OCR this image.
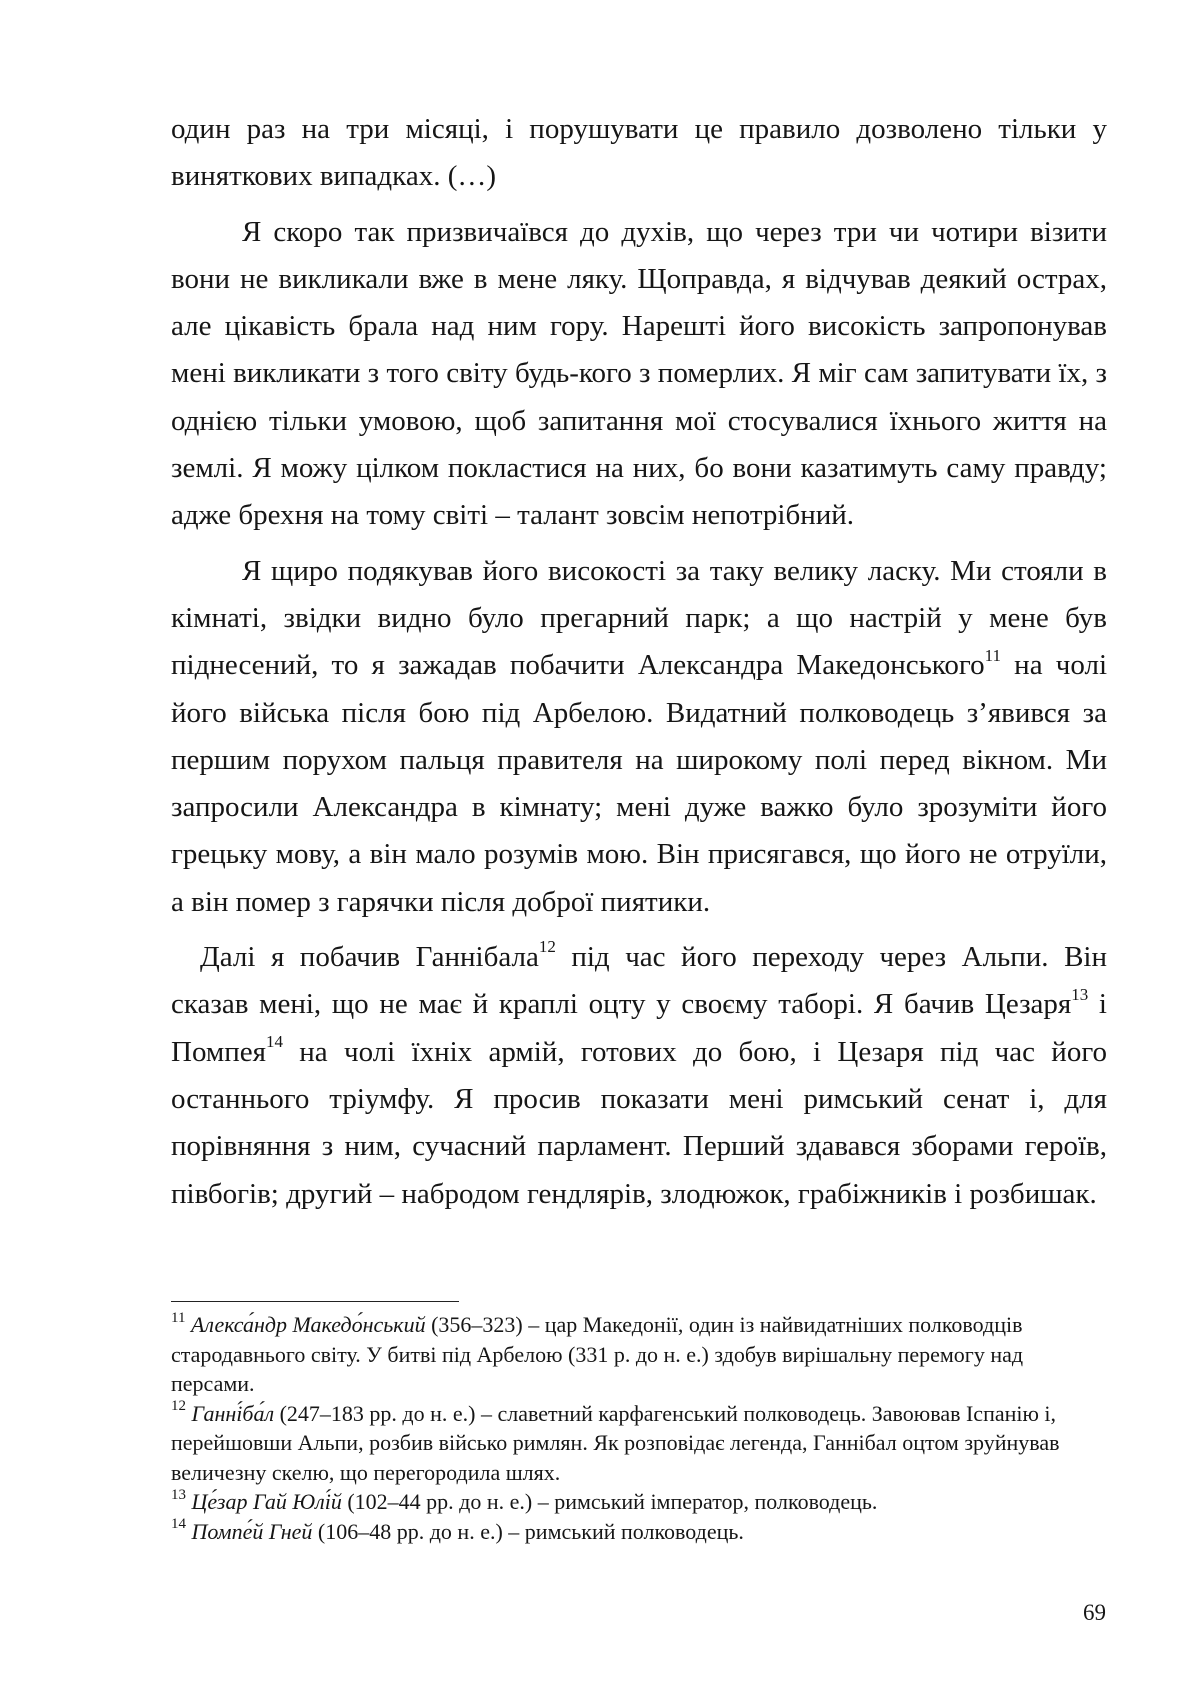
один раз на три місяці, і порушувати це правило дозволено тільки у виняткових випадках. (…)

Я скоро так призвичаївся до духів, що через три чи чотири візити вони не викликали вже в мене ляку. Щоправда, я відчував деякий острах, але цікавість брала над ним гору. Нарешті його високість запропонував мені викликати з того світу будь-кого з померлих. Я міг сам запитувати їх, з однією тільки умовою, щоб запитання мої стосувалися їхнього життя на землі. Я можу цілком покластися на них, бо вони казатимуть саму правду; адже брехня на тому світі – талант зовсім непотрібний.

Я щиро подякував його високості за таку велику ласку. Ми стояли в кімнаті, звідки видно було прегарний парк; а що настрій у мене був піднесений, то я зажадав побачити Александра Македонського$^{11}$ на чолі його війська після бою під Арбелою. Видатний полководець з’явився за першим порухом пальця правителя на широкому полі перед вікном. Ми запросили Александра в кімнату; мені дуже важко було зрозуміти його грецьку мову, а він мало розумів мою. Він присягався, що його не отруїли, а він помер з гарячки після доброї пиятики.

Далі я побачив Ганнібала$^{12}$ під час його переходу через Альпи. Він сказав мені, що не має й краплі оцту у своєму таборі. Я бачив Цезаря$^{13}$ і Помпея$^{14}$ на чолі їхніх армій, готових до бою, і Цезаря під час його останнього тріумфу. Я просив показати мені римський сенат і, для порівняння з ним, сучасний парламент. Перший здавався зборами героїв, півбогів; другий – набродом гендлярів, злодюжок, грабіжників і розбишак.

$^{11}$ Алекса́ндр Македо́нський (356–323) – цар Македонії, один із найвидатніших полководців стародавнього світу. У битві під Арбелою (331 р. до н. е.) здобув вирішальну перемогу над персами.

$^{12}$ Ганні́ба́л (247–183 рр. до н. е.) – славетний карфагенський полководець. Завоював Іспанію і, перейшовши Альпи, розбив військо римлян. Як розповідає легенда, Ганнібал оцтом зруйнував величезну скелю, що перегородила шлях.

$^{13}$ Це́зар Гай Юлі́й (102–44 рр. до н. е.) – римський імператор, полководець.

$^{14}$ Помпе́й Гней (106–48 рр. до н. е.) – римський полководець.

69
